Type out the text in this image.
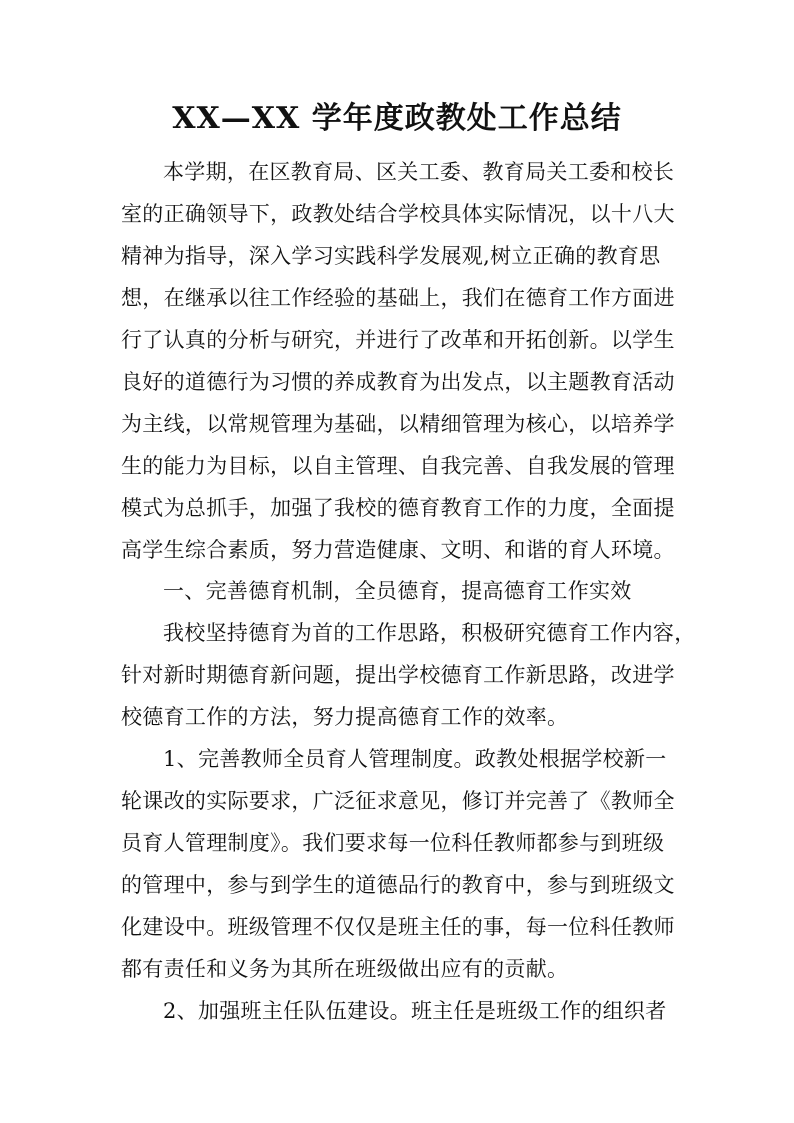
XX—XX 学年度政教处工作总结
本学期，在区教育局、区关工委、教育局关工委和校长
室的正确领导下，政教处结合学校具体实际情况，以十八大
精神为指导，深入学习实践科学发展观,树立正确的教育思
想，在继承以往工作经验的基础上，我们在德育工作方面进
行了认真的分析与研究，并进行了改革和开拓创新。以学生
良好的道德行为习惯的养成教育为出发点，以主题教育活动
为主线，以常规管理为基础，以精细管理为核心，以培养学
生的能力为目标，以自主管理、自我完善、自我发展的管理
模式为总抓手，加强了我校的德育教育工作的力度，全面提
高学生综合素质，努力营造健康、文明、和谐的育人环境。
一、完善德育机制，全员德育，提高德育工作实效
我校坚持德育为首的工作思路，积极研究德育工作内容，
针对新时期德育新问题，提出学校德育工作新思路，改进学
校德育工作的方法，努力提高德育工作的效率。
1、完善教师全员育人管理制度。政教处根据学校新一
轮课改的实际要求，广泛征求意见，修订并完善了《教师全
员育人管理制度》。我们要求每一位科任教师都参与到班级
的管理中，参与到学生的道德品行的教育中，参与到班级文
化建设中。班级管理不仅仅是班主任的事，每一位科任教师
都有责任和义务为其所在班级做出应有的贡献。
2、加强班主任队伍建设。班主任是班级工作的组织者
